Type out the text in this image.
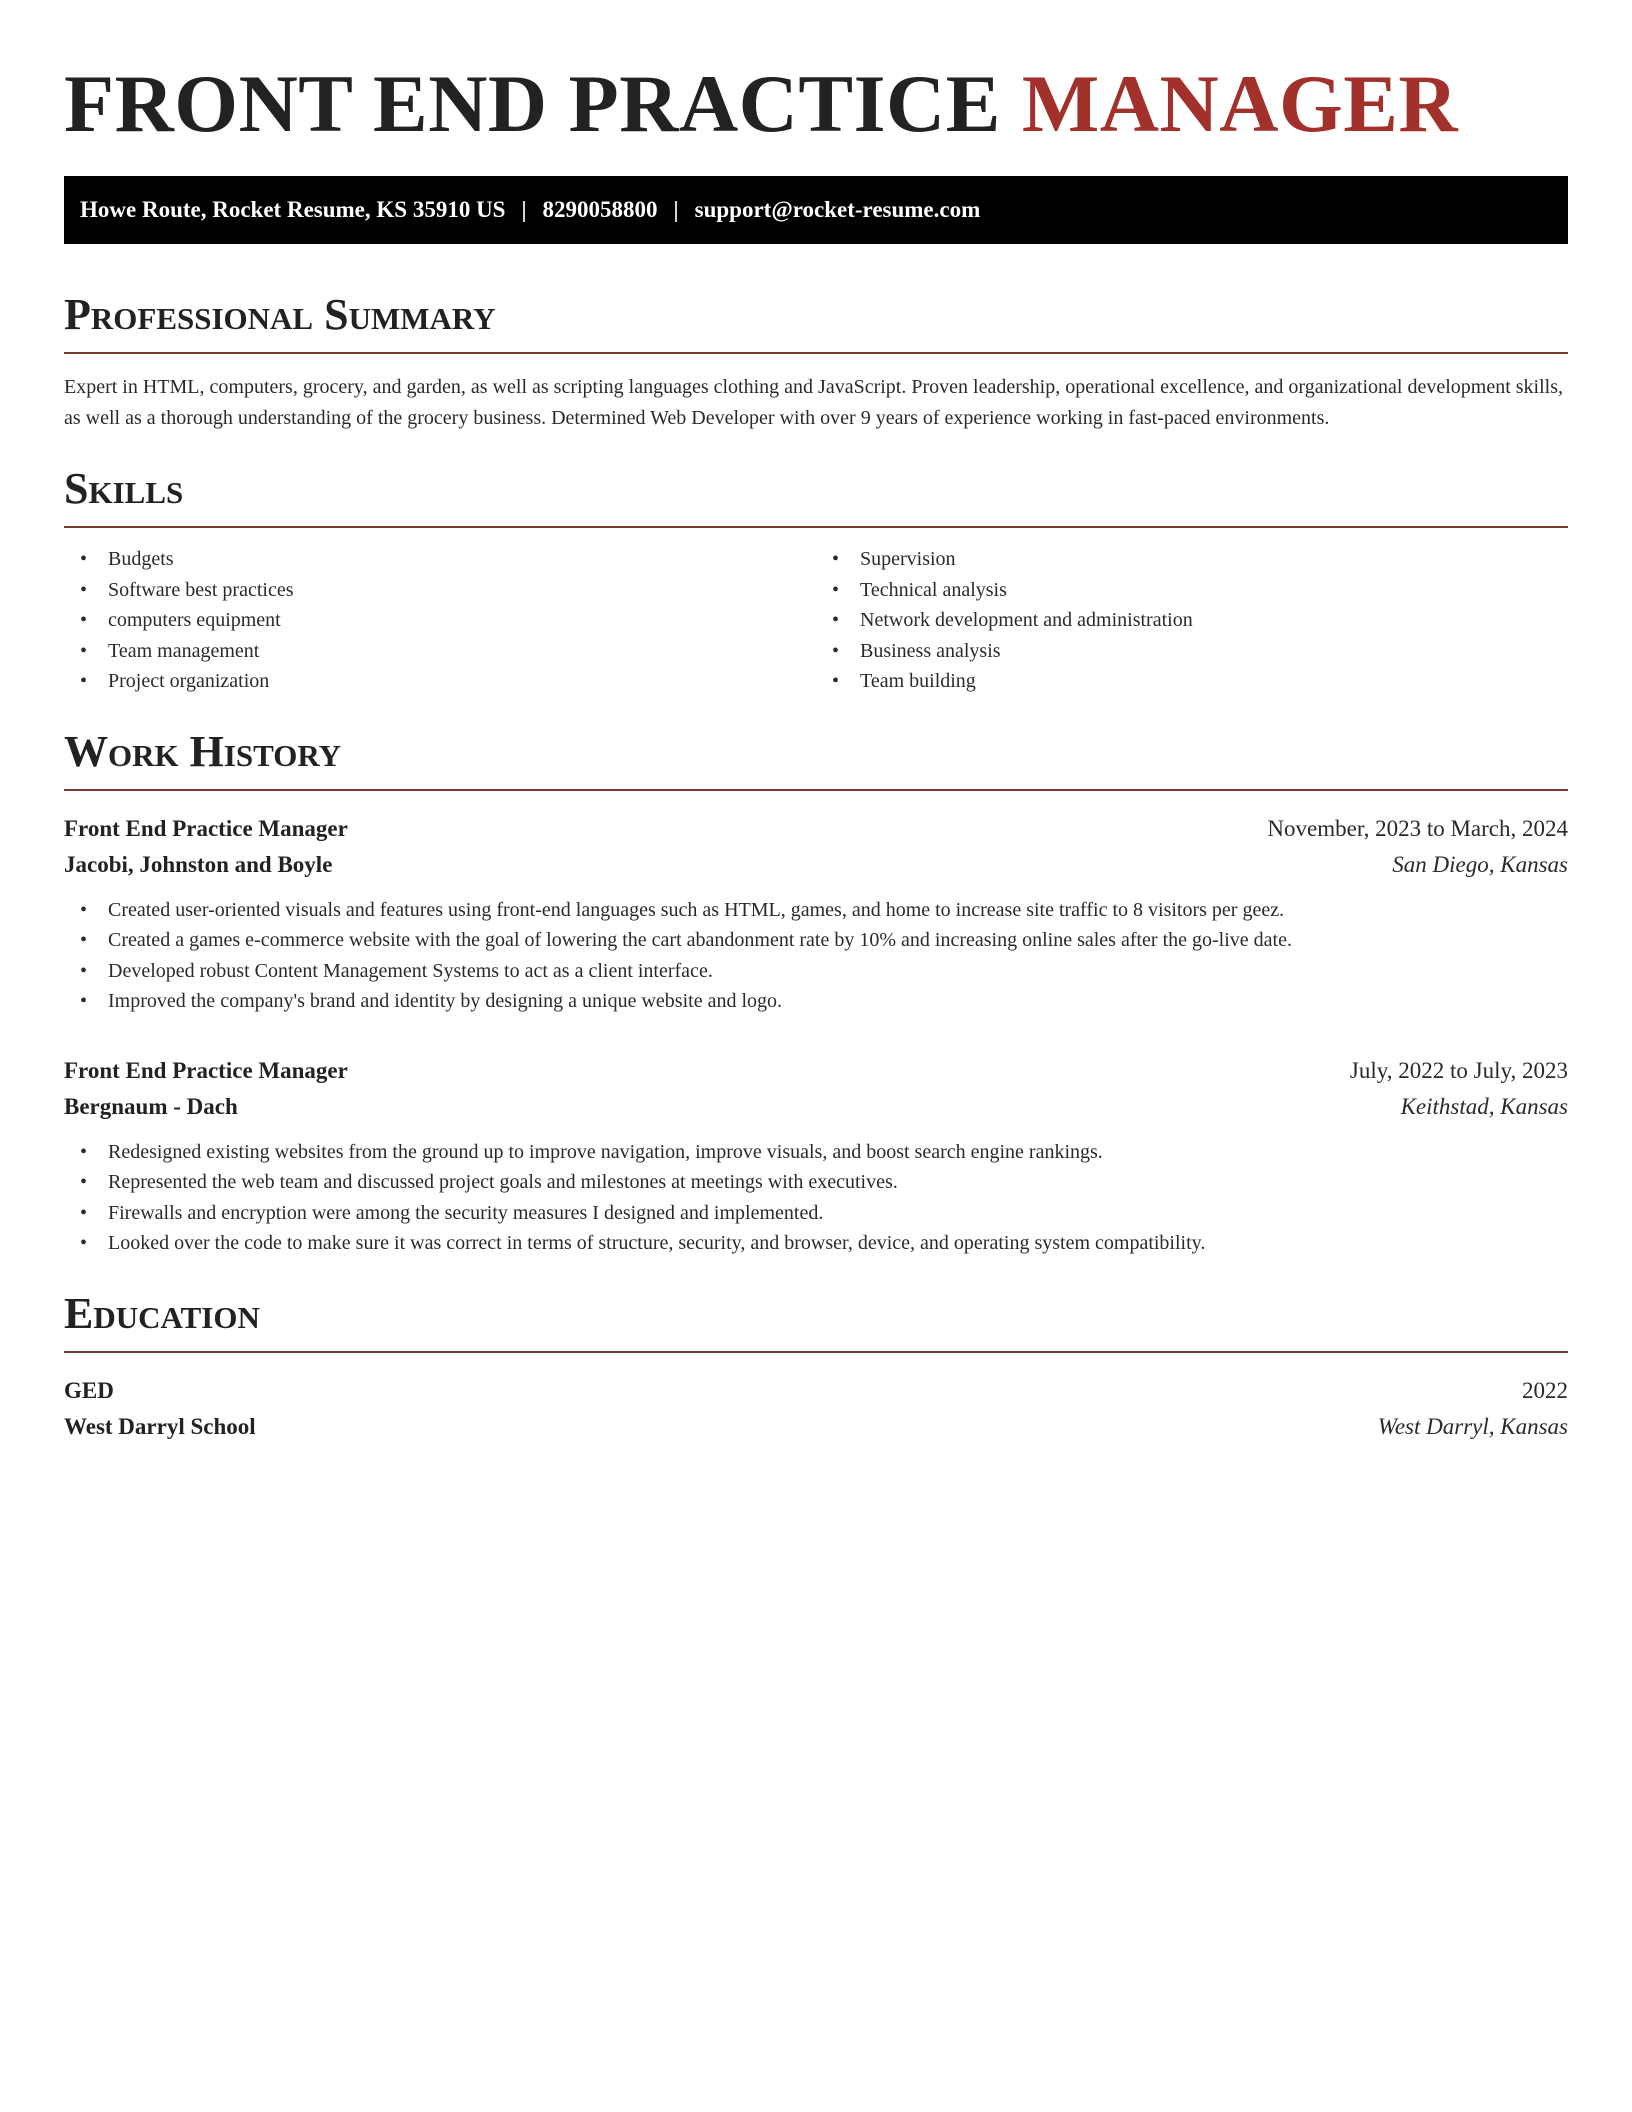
FRONT END PRACTICE MANAGER
Howe Route, Rocket Resume, KS 35910 US | 8290058800 | support@rocket-resume.com
Professional Summary

Expert in HTML, computers, grocery, and garden, as well as scripting languages clothing and JavaScript. Proven leadership, operational excellence, and organizational development skills, as well as a thorough understanding of the grocery business. Determined Web Developer with over 9 years of experience working in fast-paced environments.

Skills
• Budgets
• Software best practices
• computers equipment
• Team management
• Project organization
• Supervision
• Technical analysis
• Network development and administration
• Business analysis
• Team building
Work History
Front End Practice Manager	November, 2023 to March, 2024
Jacobi, Johnston and Boyle	San Diego, Kansas
• Created user-oriented visuals and features using front-end languages such as HTML, games, and home to increase site traffic to 8 visitors per geez.
• Created a games e-commerce website with the goal of lowering the cart abandonment rate by 10% and increasing online sales after the go-live date.
• Developed robust Content Management Systems to act as a client interface.
• Improved the company's brand and identity by designing a unique website and logo.
Front End Practice Manager	July, 2022 to July, 2023
Bergnaum - Dach	Keithstad, Kansas
• Redesigned existing websites from the ground up to improve navigation, improve visuals, and boost search engine rankings.
• Represented the web team and discussed project goals and milestones at meetings with executives.
• Firewalls and encryption were among the security measures I designed and implemented.
• Looked over the code to make sure it was correct in terms of structure, security, and browser, device, and operating system compatibility.
Education
GED	2022
West Darryl School	West Darryl, Kansas
